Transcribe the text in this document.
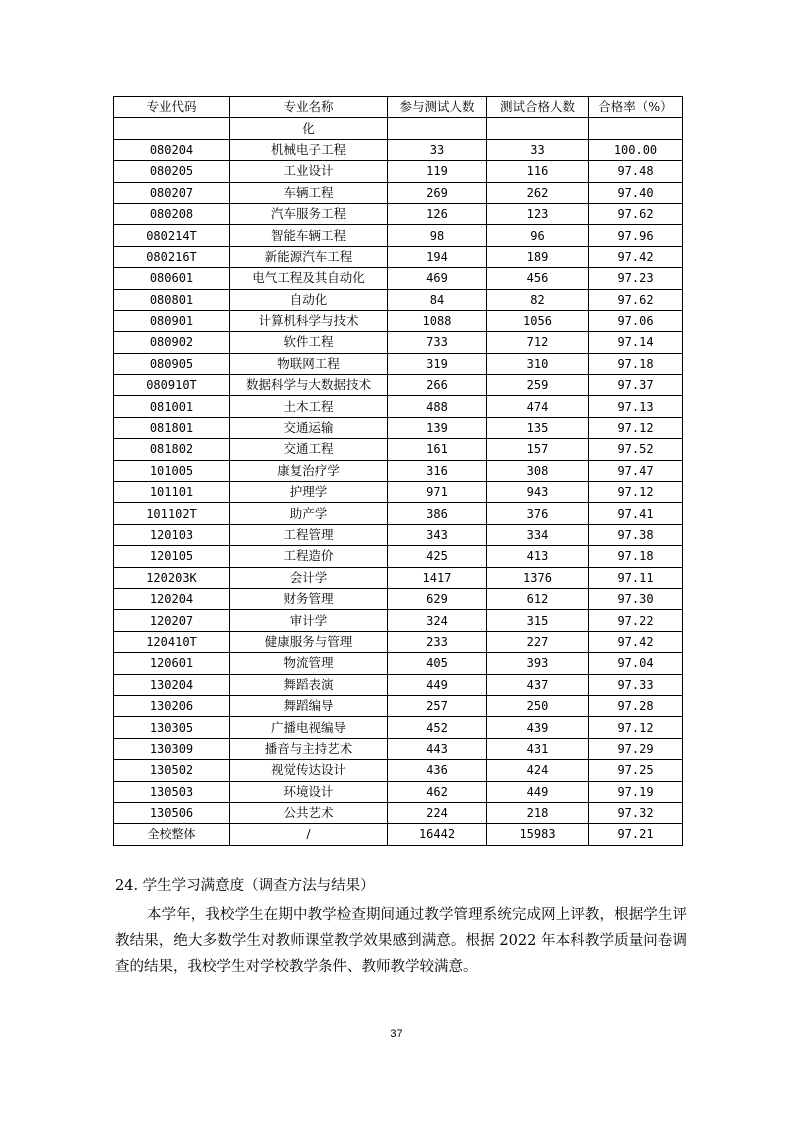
专业代码	专业名称	参与测试人数	测试合格人数	合格率（%）
	化			
080204	机械电子工程	33	33	100.00
080205	工业设计	119	116	97.48
080207	车辆工程	269	262	97.40
080208	汽车服务工程	126	123	97.62
080214T	智能车辆工程	98	96	97.96
080216T	新能源汽车工程	194	189	97.42
080601	电气工程及其自动化	469	456	97.23
080801	自动化	84	82	97.62
080901	计算机科学与技术	1088	1056	97.06
080902	软件工程	733	712	97.14
080905	物联网工程	319	310	97.18
080910T	数据科学与大数据技术	266	259	97.37
081001	土木工程	488	474	97.13
081801	交通运输	139	135	97.12
081802	交通工程	161	157	97.52
101005	康复治疗学	316	308	97.47
101101	护理学	971	943	97.12
101102T	助产学	386	376	97.41
120103	工程管理	343	334	97.38
120105	工程造价	425	413	97.18
120203K	会计学	1417	1376	97.11
120204	财务管理	629	612	97.30
120207	审计学	324	315	97.22
120410T	健康服务与管理	233	227	97.42
120601	物流管理	405	393	97.04
130204	舞蹈表演	449	437	97.33
130206	舞蹈编导	257	250	97.28
130305	广播电视编导	452	439	97.12
130309	播音与主持艺术	443	431	97.29
130502	视觉传达设计	436	424	97.25
130503	环境设计	462	449	97.19
130506	公共艺术	224	218	97.32
全校整体	/	16442	15983	97.21
24. 学生学习满意度（调查方法与结果）

本学年，我校学生在期中教学检查期间通过教学管理系统完成网上评教，根据学生评教结果，绝大多数学生对教师课堂教学效果感到满意。根据 2022 年本科教学质量问卷调查的结果，我校学生对学校教学条件、教师教学较满意。

37
